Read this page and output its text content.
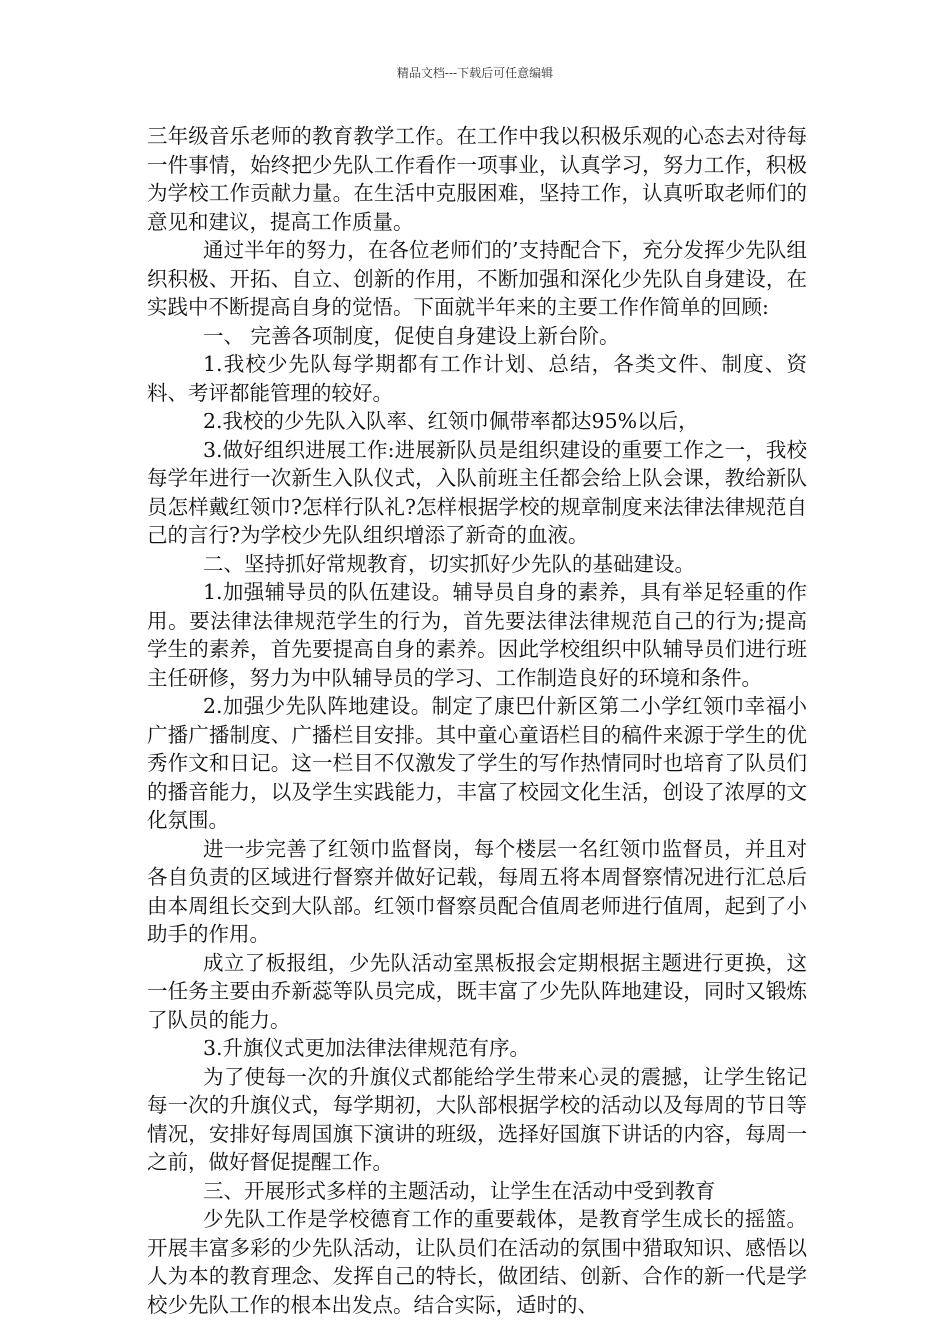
精品文档---下载后可任意编辑

三年级音乐老师的教育教学工作。在工作中我以积极乐观的心态去对待每一件事情，始终把少先队工作看作一项事业，认真学习，努力工作，积极为学校工作贡献力量。在生活中克服困难，坚持工作，认真听取老师们的意见和建议，提高工作质量。

通过半年的努力，在各位老师们的’支持配合下，充分发挥少先队组织积极、开拓、自立、创新的作用，不断加强和深化少先队自身建设，在实践中不断提高自身的觉悟。下面就半年来的主要工作作简单的回顾:

一、 完善各项制度，促使自身建设上新台阶。

1.我校少先队每学期都有工作计划、总结，各类文件、制度、资料、考评都能管理的较好。

2.我校的少先队入队率、红领巾佩带率都达95%以后，

3.做好组织进展工作:进展新队员是组织建设的重要工作之一，我校每学年进行一次新生入队仪式，入队前班主任都会给上队会课，教给新队员怎样戴红领巾?怎样行队礼?怎样根据学校的规章制度来法律法律规范自己的言行?为学校少先队组织增添了新奇的血液。

二、坚持抓好常规教育，切实抓好少先队的基础建设。

1.加强辅导员的队伍建设。辅导员自身的素养，具有举足轻重的作用。要法律法律规范学生的行为，首先要法律法律规范自己的行为;提高学生的素养，首先要提高自身的素养。因此学校组织中队辅导员们进行班主任研修，努力为中队辅导员的学习、工作制造良好的环境和条件。

2.加强少先队阵地建设。制定了康巴什新区第二小学红领巾幸福小广播广播制度、广播栏目安排。其中童心童语栏目的稿件来源于学生的优秀作文和日记。这一栏目不仅激发了学生的写作热情同时也培育了队员们的播音能力，以及学生实践能力，丰富了校园文化生活，创设了浓厚的文化氛围。

进一步完善了红领巾监督岗，每个楼层一名红领巾监督员，并且对各自负责的区域进行督察并做好记载，每周五将本周督察情况进行汇总后由本周组长交到大队部。红领巾督察员配合值周老师进行值周，起到了小助手的作用。

成立了板报组，少先队活动室黑板报会定期根据主题进行更换，这一任务主要由乔新蕊等队员完成，既丰富了少先队阵地建设，同时又锻炼了队员的能力。

3.升旗仪式更加法律法律规范有序。

为了使每一次的升旗仪式都能给学生带来心灵的震撼，让学生铭记每一次的升旗仪式，每学期初，大队部根据学校的活动以及每周的节日等情况，安排好每周国旗下演讲的班级，选择好国旗下讲话的内容，每周一之前，做好督促提醒工作。

三、开展形式多样的主题活动，让学生在活动中受到教育

少先队工作是学校德育工作的重要载体，是教育学生成长的摇篮。开展丰富多彩的少先队活动，让队员们在活动的氛围中猎取知识、感悟以人为本的教育理念、发挥自己的特长，做团结、创新、合作的新一代是学校少先队工作的根本出发点。结合实际，适时的、
